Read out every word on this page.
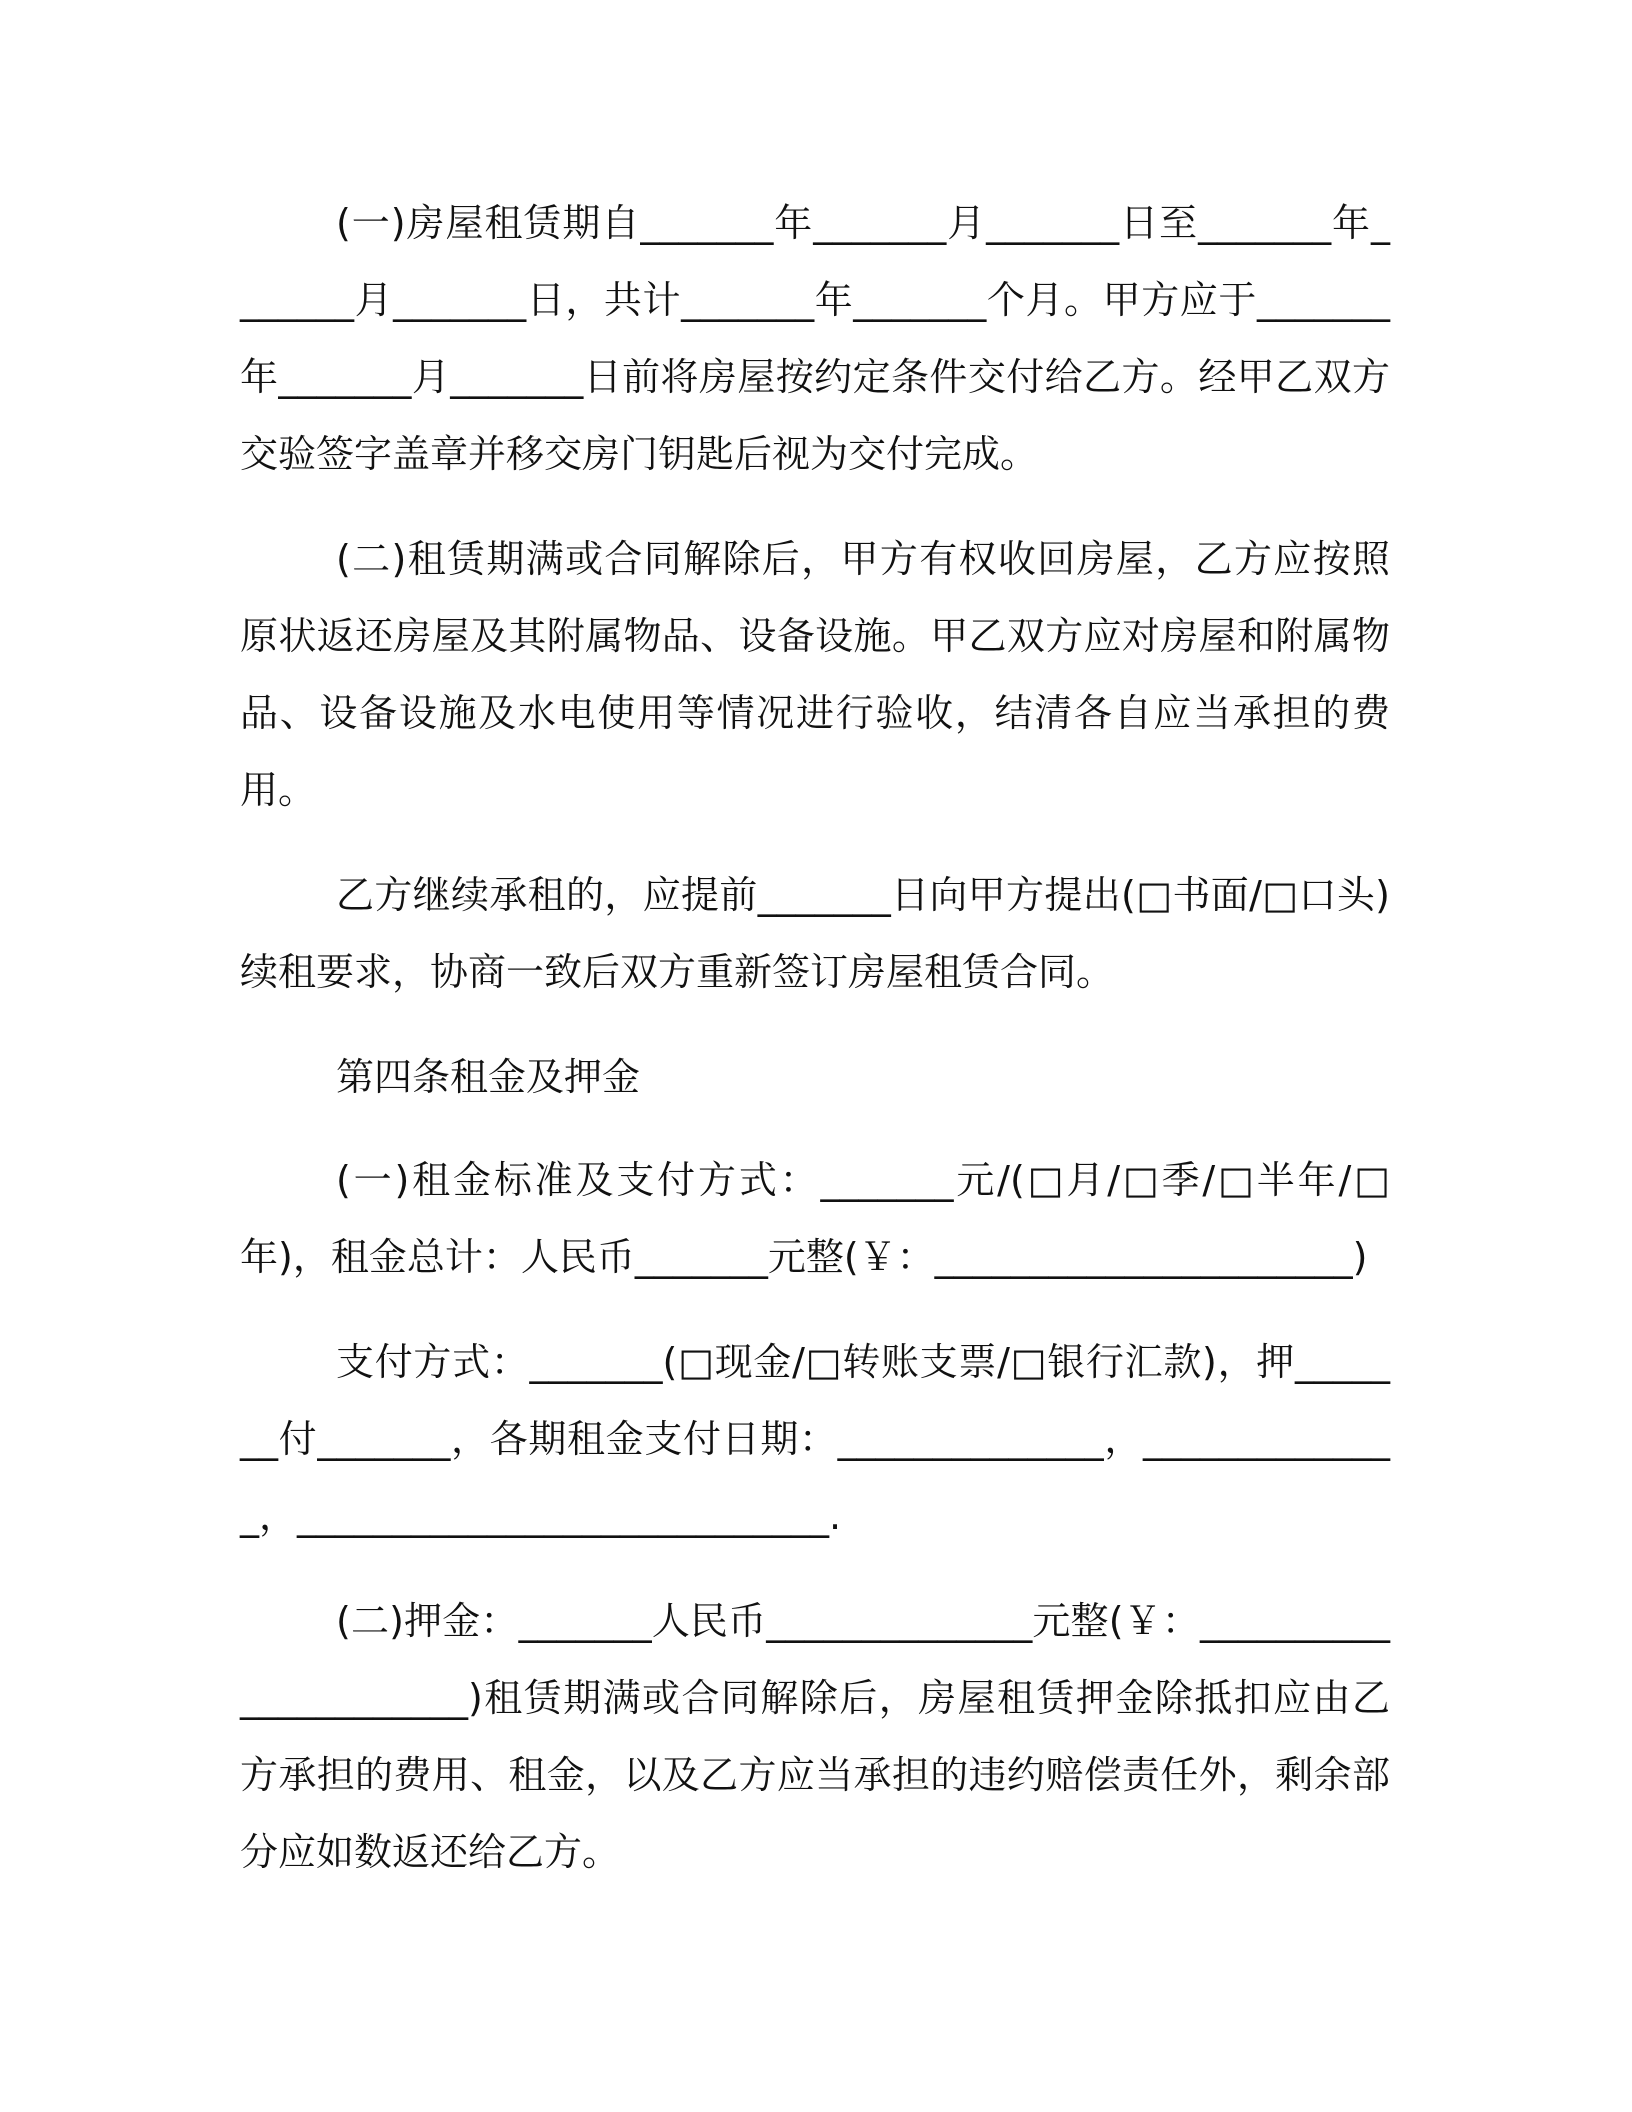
(一)房屋租赁期自_______年_______月_______日至_______年_______月_______日，共计_______年_______个月。甲方应于_______年_______月_______日前将房屋按约定条件交付给乙方。经甲乙双方交验签字盖章并移交房门钥匙后视为交付完成。

(二)租赁期满或合同解除后，甲方有权收回房屋，乙方应按照原状返还房屋及其附属物品、设备设施。甲乙双方应对房屋和附属物品、设备设施及水电使用等情况进行验收，结清各自应当承担的费用。

乙方继续承租的，应提前_______日向甲方提出(□书面/□口头)续租要求，协商一致后双方重新签订房屋租赁合同。

第四条租金及押金

(一)租金标准及支付方式：_______元/(□月/□季/□半年/□年)，租金总计：人民币_______元整(￥：______________________)

支付方式：_______(□现金/□转账支票/□银行汇款)，押_______付_______，各期租金支付日期：______________，______________，____________________________.

(二)押金：_______人民币______________元整(￥：______________________)租赁期满或合同解除后，房屋租赁押金除抵扣应由乙方承担的费用、租金，以及乙方应当承担的违约赔偿责任外，剩余部分应如数返还给乙方。
